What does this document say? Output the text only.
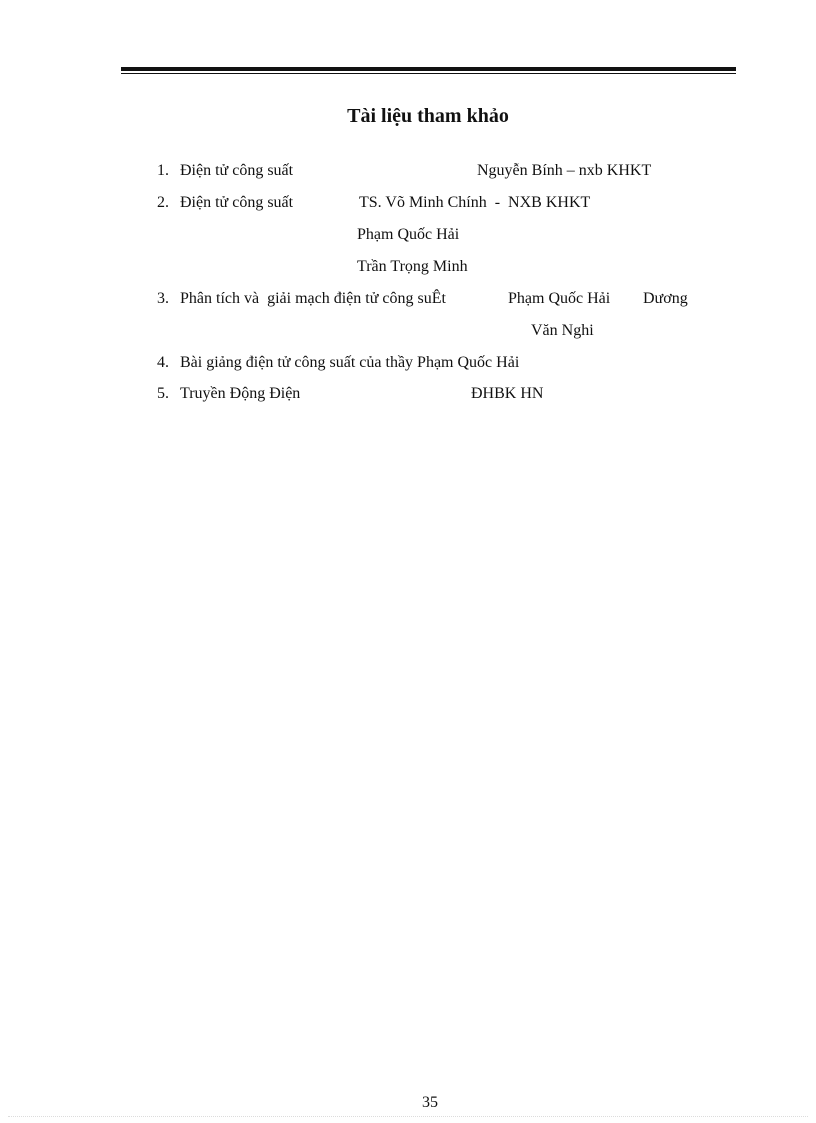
Tài liệu tham khảo
1. Điện tử công suất	Nguyễn Bính – nxb KHKT
2. Điện tử công suất	TS. Võ Minh Chính  -  NXB KHKT
Phạm Quốc Hải
Trần Trọng Minh
3. Phân tích và  giải mạch điện tử công suÊt	Phạm Quốc Hải Dương
Văn Nghi
4. Bài giảng điện tử công suất của thầy Phạm Quốc Hải
5. Truyền Động Điện	ĐHBK HN
35
